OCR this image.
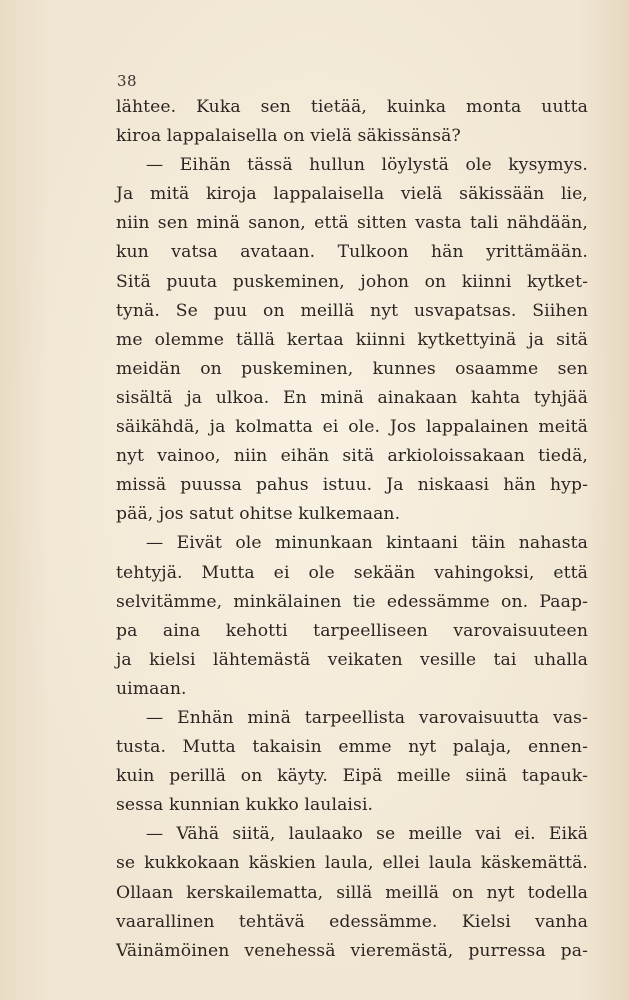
38
lähtee. Kuka sen tietää, kuinka monta uutta
kiroa lappalaisella on vielä säkissänsä?
— Eihän tässä hullun löylystä ole kysymys.
Ja mitä kiroja lappalaisella vielä säkissään lie,
niin sen minä sanon, että sitten vasta tali nähdään,
kun vatsa avataan. Tulkoon hän yrittämään.
Sitä puuta puskeminen, johon on kiinni kytket-
tynä. Se puu on meillä nyt usvapatsas. Siihen
me olemme tällä kertaa kiinni kytkettyinä ja sitä
meidän on puskeminen, kunnes osaamme sen
sisältä ja ulkoa. En minä ainakaan kahta tyhjää
säikähdä, ja kolmatta ei ole. Jos lappalainen meitä
nyt vainoo, niin eihän sitä arkioloissakaan tiedä,
missä puussa pahus istuu. Ja niskaasi hän hyp-
pää, jos satut ohitse kulkemaan.
— Eivät ole minunkaan kintaani täin nahasta
tehtyjä. Mutta ei ole sekään vahingoksi, että
selvitämme, minkälainen tie edessämme on. Paap-
pa aina kehotti tarpeelliseen varovaisuuteen
ja kielsi lähtemästä veikaten vesille tai uhalla
uimaan.
— Enhän minä tarpeellista varovaisuutta vas-
tusta. Mutta takaisin emme nyt palaja, ennen-
kuin perillä on käyty. Eipä meille siinä tapauk-
sessa kunnian kukko laulaisi.
— Vähä siitä, laulaako se meille vai ei. Eikä
se kukkokaan käskien laula, ellei laula käskemättä.
Ollaan kerskailematta, sillä meillä on nyt todella
vaarallinen tehtävä edessämme. Kielsi vanha
Väinämöinen venehessä vieremästä, purressa pa-
